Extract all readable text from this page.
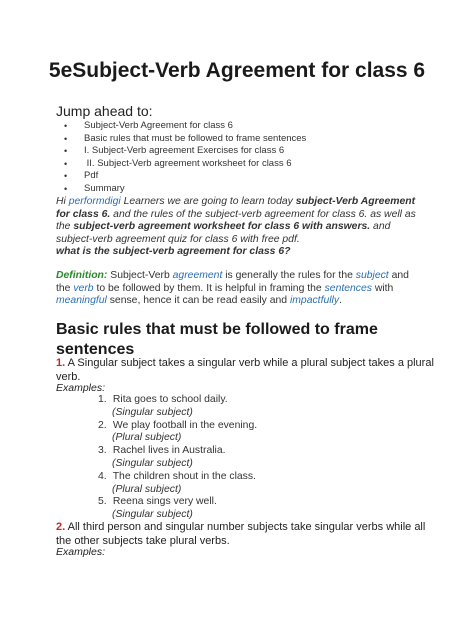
5eSubject-Verb Agreement for class 6
Jump ahead to:
• Subject-Verb Agreement for class 6
• Basic rules that must be followed to frame sentences
• I. Subject-Verb agreement Exercises for class 6
•  II. Subject-Verb agreement worksheet for class 6
• Pdf
• Summary
Hi performdigi Learners we are going to learn today subject-Verb Agreement for class 6. and the rules of the subject-verb agreement for class 6. as well as the subject-verb agreement worksheet for class 6 with answers. and subject-verb agreement quiz for class 6 with free pdf.
what is the subject-verb agreement for class 6?
Definition: Subject-Verb agreement is generally the rules for the subject and the verb to be followed by them. It is helpful in framing the sentences with meaningful sense, hence it can be read easily and impactfully.
Basic rules that must be followed to frame sentences
1. A Singular subject takes a singular verb while a plural subject takes a plural verb.
Examples:
1. Rita goes to school daily.
(Singular subject)
2. We play football in the evening.
(Plural subject)
3. Rachel lives in Australia.
(Singular subject)
4. The children shout in the class.
(Plural subject)
5. Reena sings very well.
(Singular subject)
2. All third person and singular number subjects take singular verbs while all the other subjects take plural verbs.
Examples:
